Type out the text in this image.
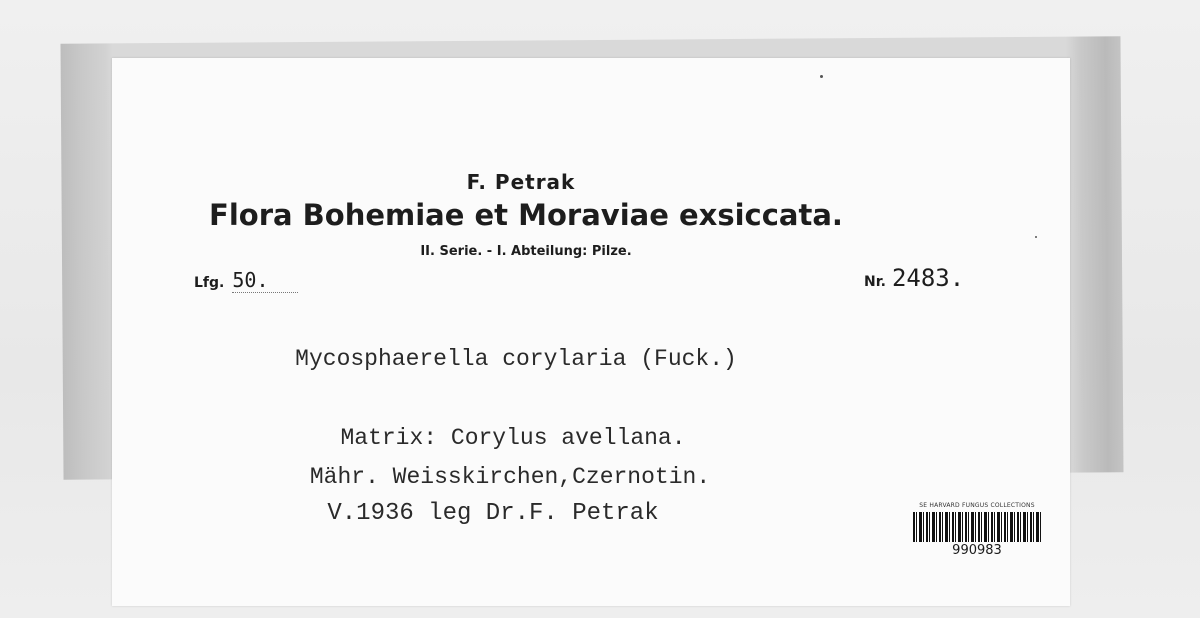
F. Petrak
Flora Bohemiae et Moraviae exsiccata.
II. Serie. - I. Abteilung: Pilze.
Lfg. 50.	Nr. 2483.
Mycosphaerella corylaria (Fuck.)
Matrix: Corylus avellana.
Mähr. Weisskirchen,Czernotin.
V.1936 leg Dr.F. Petrak	SE HARVARD FUNGUS COLLECTIONS
990983
